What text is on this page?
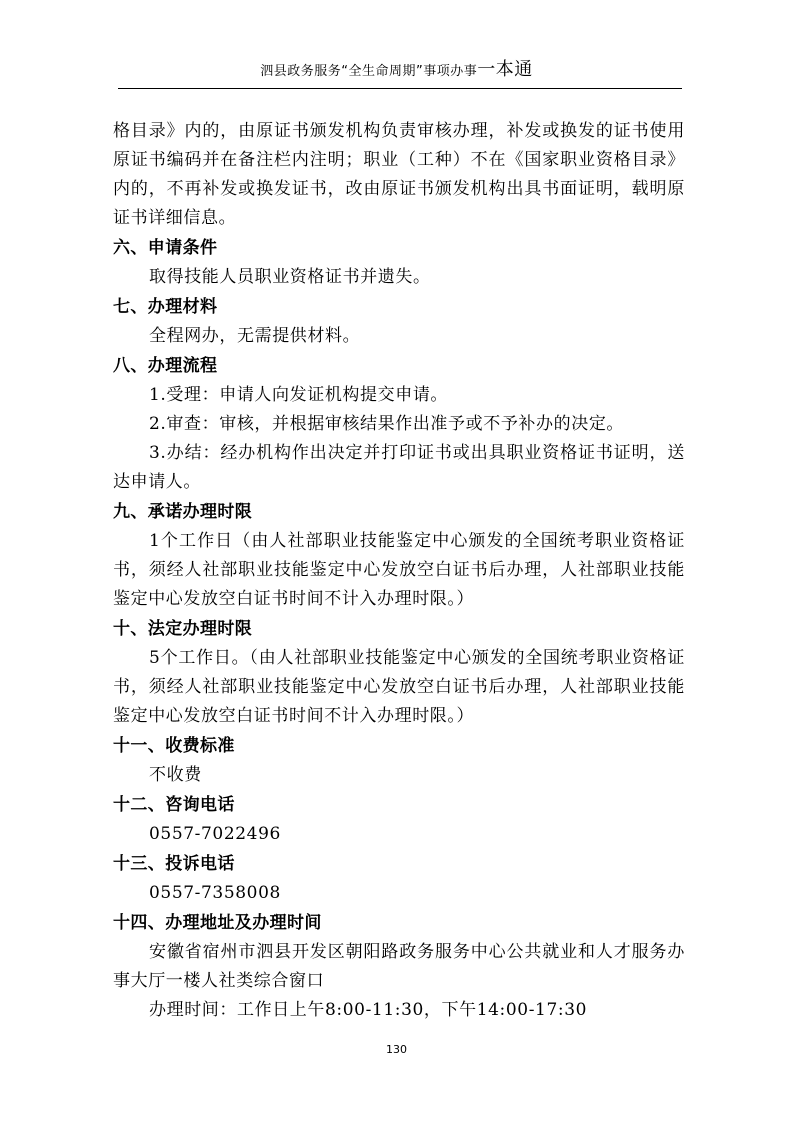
泗县政务服务“全生命周期”事项办事一本通

格目录》内的，由原证书颁发机构负责审核办理，补发或换发的证书使用原证书编码并在备注栏内注明；职业（工种）不在《国家职业资格目录》内的，不再补发或换发证书，改由原证书颁发机构出具书面证明，载明原证书详细信息。

六、申请条件

取得技能人员职业资格证书并遗失。

七、办理材料

全程网办，无需提供材料。

八、办理流程

1.受理：申请人向发证机构提交申请。

2.审查：审核，并根据审核结果作出准予或不予补办的决定。

3.办结：经办机构作出决定并打印证书或出具职业资格证书证明，送达申请人。

九、承诺办理时限

1个工作日（由人社部职业技能鉴定中心颁发的全国统考职业资格证书，须经人社部职业技能鉴定中心发放空白证书后办理，人社部职业技能鉴定中心发放空白证书时间不计入办理时限。）

十、法定办理时限

5个工作日。（由人社部职业技能鉴定中心颁发的全国统考职业资格证书，须经人社部职业技能鉴定中心发放空白证书后办理，人社部职业技能鉴定中心发放空白证书时间不计入办理时限。）

十一、收费标准

不收费

十二、咨询电话

0557-7022496

十三、投诉电话

0557-7358008

十四、办理地址及办理时间

安徽省宿州市泗县开发区朝阳路政务服务中心公共就业和人才服务办事大厅一楼人社类综合窗口

办理时间：工作日上午8:00-11:30，下午14:00-17:30

130
